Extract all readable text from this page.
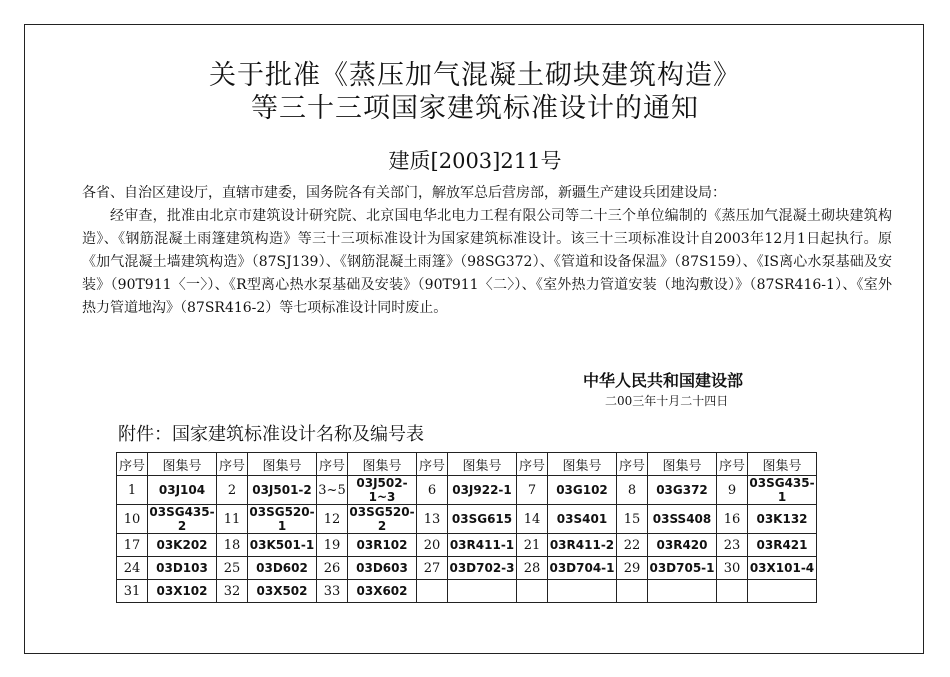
关于批准《蒸压加气混凝土砌块建筑构造》
等三十三项国家建筑标准设计的通知
建质[2003]211号
各省、自治区建设厅，直辖市建委，国务院各有关部门，解放军总后营房部，新疆生产建设兵团建设局：
经审查，批准由北京市建筑设计研究院、北京国电华北电力工程有限公司等二十三个单位编制的《蒸压加气混凝土砌块建筑构造》、《钢筋混凝土雨篷建筑构造》等三十三项标准设计为国家建筑标准设计。该三十三项标准设计自2003年12月1日起执行。原《加气混凝土墙建筑构造》（87SJ139）、《钢筋混凝土雨篷》（98SG372）、《管道和设备保温》（87S159）、《IS离心水泵基础及安装》（90T911〈一〉）、《R型离心热水泵基础及安装》（90T911〈二〉）、《室外热力管道安装（地沟敷设）》（87SR416-1）、《室外热力管道地沟》（87SR416-2）等七项标准设计同时废止。
中华人民共和国建设部
二00三年十月二十四日
附件：国家建筑标准设计名称及编号表
序号	图集号	序号	图集号	序号	图集号	序号	图集号	序号	图集号	序号	图集号	序号	图集号
1	03J104	2	03J501-2	3~5	03J502-1~3	6	03J922-1	7	03G102	8	03G372	9	03SG435-1
10	03SG435-2	11	03SG520-1	12	03SG520-2	13	03SG615	14	03S401	15	03SS408	16	03K132
17	03K202	18	03K501-1	19	03R102	20	03R411-1	21	03R411-2	22	03R420	23	03R421
24	03D103	25	03D602	26	03D603	27	03D702-3	28	03D704-1	29	03D705-1	30	03X101-4
31	03X102	32	03X502	33	03X602								
